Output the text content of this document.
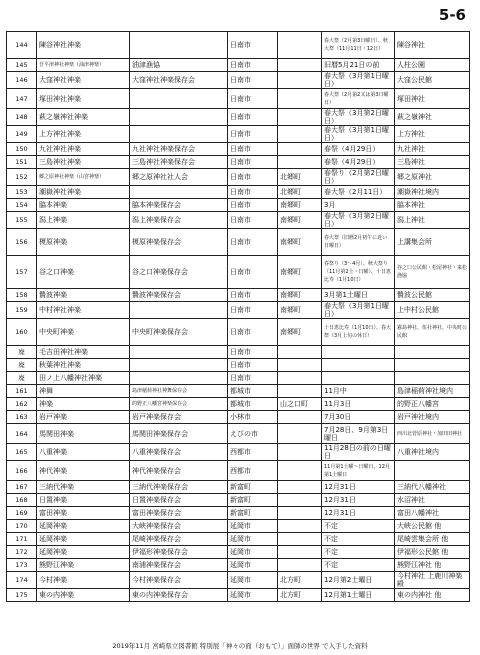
5-6
144	陳谷神社神楽		日南市		春大祭（2月第3日曜日）、秋大祭（11月11日・12日）	陳谷神社
145	吾平津神社神楽（油津神楽）	油津漁協	日南市		旧暦5月21日の前	人柱公園
146	大窪神社神楽	大窪神社神楽保存会	日南市		春大祭（3月第1日曜日）	大窪公民館
147	塚田神社神楽		日南市		春大祭（2月第2又は第3日曜日）	塚田神社
148	萩之嶺神社神楽		日南市		春大祭（3月第2日曜日）	萩之嶺神社
149	上方神社神楽		日南市		春大祭（3月第1日曜日）	上方神社
150	九社神社神楽	九社神社神楽保存会	日南市		春祭（4月29日）	九社神社
151	三島神社神楽	三島神社神楽保存会	日南市		春祭（4月29日）	三島神社
152	郷之原神社神楽（山宮神楽）	郷之原神社社人会	日南市	北郷町	春祭り（2月第2日曜日）	郷之原神社
153	潮嶽神社神楽		日南市	北郷町	春大祭（2月11日）	潮嶽神社境内
154	脇本神楽	脇本神楽保存会	日南市	南郷町	3月	脇本神社
155	潟上神楽	潟上神楽保存会	日南市	南郷町	春大祭（3月第2日曜日）	潟上神社
156	榎原神楽	榎原神楽保存会	日南市	南郷町	春大祭（旧暦2月初午に近い日曜日）	上講集会所
157	谷之口神楽	谷之口神楽保存会	日南市	南郷町	春祭り（3～4月）、秋大祭り（11月第2土・日曜）、十日恵比寿（1月10日）	谷之口公民館・松尾神社・来松漁協
158	贄波神楽	贄波神楽保存会	日南市	南郷町	3月第1土曜日	贄波公民館
159	中村神社神楽		日南市	南郷町	春大祭（3月第1日曜日）	上中村公民館
160	中央町神楽	中央町神楽保存会	日南市	南郷町	十日恵比寿（1月10日）、春大祭（3月上旬の休日）	霧島神社、伍社神社、中央町公民館
廃	毛吉田神社神楽		日南市			
廃	秋葉神社神楽		日南市			
廃	田ノ上八幡神社神楽		日南市			
161	神舞	島津稲荷神社神舞保存会	都城市		11月中	島津稲荷神社境内
162	神楽	的野正八幡宮神楽保存会	都城市	山之口町	11月3日	的野正八幡宮
163	岩戸神楽	岩戸神楽保存会	小林市		7月30日	岩戸神社境内
164	馬関田神楽	馬関田神楽保存会	えびの市		7月28日、9月第3日曜日	西川北菅原神社・加田田神社
165	八重神楽	八重神楽保存会	西都市		11月28日の前の日曜日	八重神社境内
166	神代神楽	神代神楽保存会	西都市		11月第1土曜～日曜日、12月第1土曜日	
167	三納代神楽	三納代神楽保存会	新富町		12月31日	三納代八幡神社
168	日置神楽	日置神楽保存会	新富町		12月31日	水沼神社
169	富田神楽	富田神楽保存会	新富町		12月31日	富田八幡神社
170	延岡神楽	大峡神楽保存会	延岡市		不定	大峡公民館 他
171	延岡神楽	尾崎神楽保存会	延岡市		不定	尾崎雲集会所 他
172	延岡神楽	伊福形神楽保存会	延岡市		不定	伊福形公民館 他
173	熊野江神楽	南浦神楽保存会	延岡市		不定	熊野江神社 他
174	今村神楽	今村神楽保存会	延岡市	北方町	12月第2土曜日	今村神社 上鹿川神楽殿
175	東の内神楽	東の内神楽保存会	延岡市	北方町	12月第1土曜日	東の内神社 他
2019年11月 宮崎県立図書館 特別展「神々の面（おもて）」面師の世界 で入手した資料
